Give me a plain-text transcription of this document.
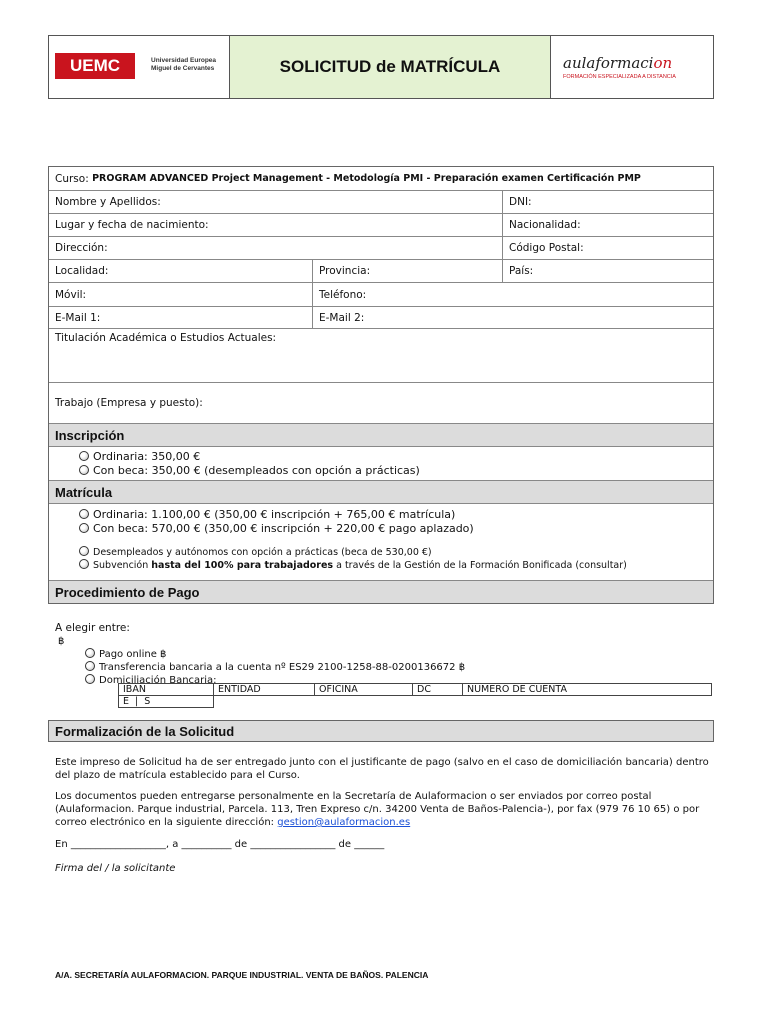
UEMC	Universidad Europea
Miguel de Cervantes	SOLICITUD de MATRÍCULA	aulaformacion
FORMACIÓN ESPECIALIZADA A DISTANCIA
Curso:
PROGRAM ADVANCED Project Management - Metodología PMI - Preparación examen Certificación PMP
Nombre y Apellidos:	DNI:
Lugar y fecha de nacimiento:	Nacionalidad:
Dirección:	Código Postal:
Localidad:	Provincia:	País:
Móvil:	Teléfono:
E-Mail 1:	E-Mail 2:
Titulación Académica o Estudios Actuales:
Trabajo (Empresa y puesto):
Inscripción
Ordinaria: 350,00 €
Con beca: 350,00 € (desempleados con opción a prácticas)
Matrícula
Ordinaria: 1.100,00 € (350,00 € inscripción + 765,00 € matrícula)
Con beca: 570,00 € (350,00 € inscripción + 220,00 € pago aplazado)
Desempleados y autónomos con opción a prácticas (beca de 530,00 €)
Subvención hasta del 100% para trabajadores a través de la Gestión de la Formación Bonificada (consultar)
Procedimiento de Pago
A elegir entre:
฿
Pago online ฿
Transferencia bancaria a la cuenta nº ES29 2100-1258-88-0200136672 ฿
Domiciliación Bancaria:
IBAN	ENTIDAD	OFICINA	DC	NUMERO DE CUENTA
E  |  S				
Formalización de la Solicitud
Este impreso de Solicitud ha de ser entregado junto con el justificante de pago (salvo en el caso de domiciliación bancaria) dentro del plazo de matrícula establecido para el Curso.
Los documentos pueden entregarse personalmente en la Secretaría de Aulaformacion o ser enviados por correo postal (Aulaformacion. Parque industrial, Parcela. 113, Tren Expreso c/n. 34200 Venta de Baños-Palencia-), por fax (979 76 10 65) o por correo electrónico en la siguiente dirección: gestion@aulaformacion.es
En ___________________, a __________ de _________________ de ______
Firma del / la solicitante
A/A. SECRETARÍA AULAFORMACION. PARQUE INDUSTRIAL. VENTA DE BAÑOS. PALENCIA
